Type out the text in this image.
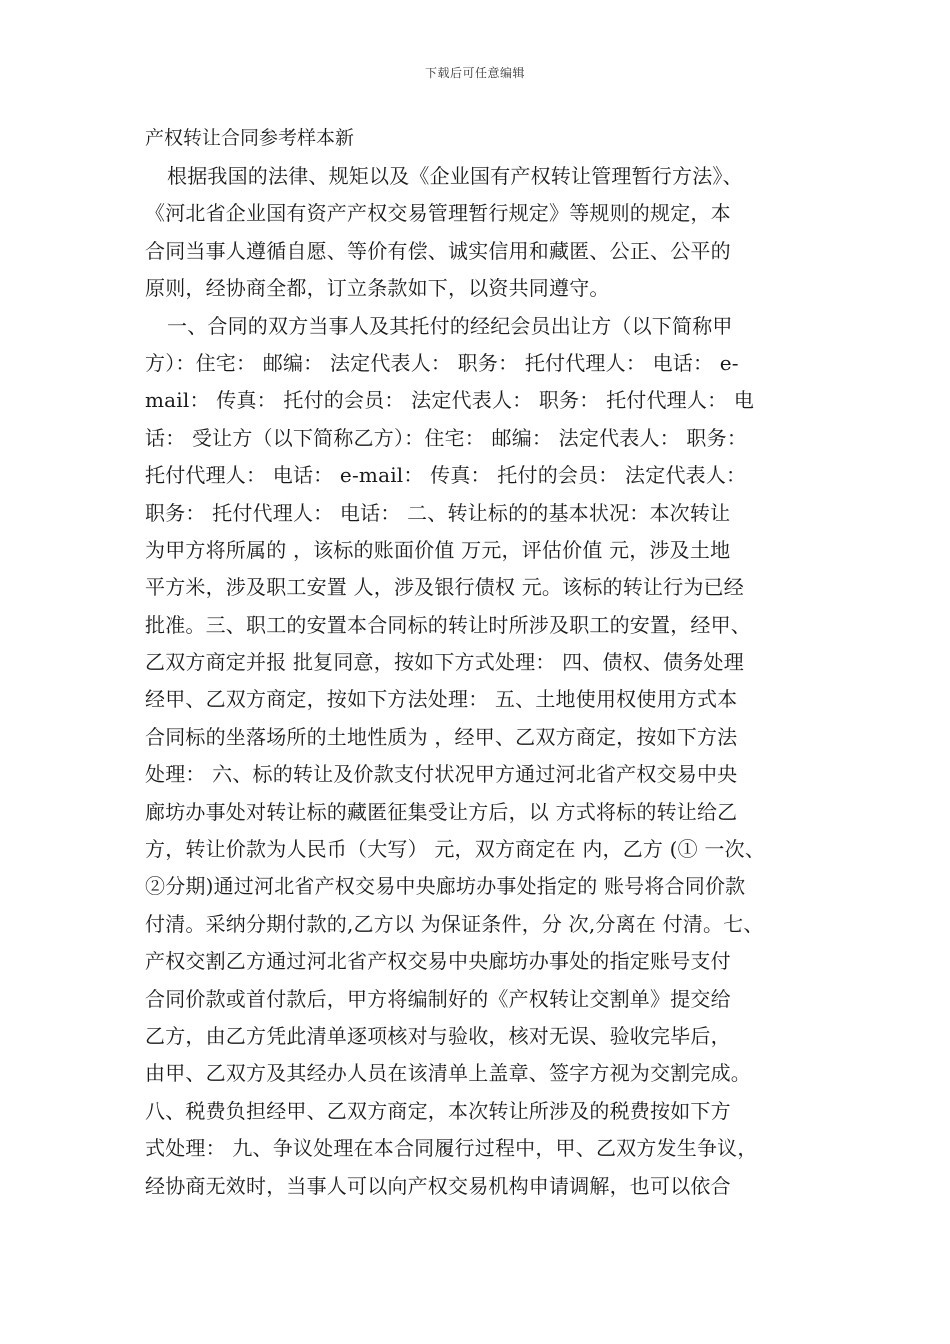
下载后可任意编辑
产权转让合同参考样本新
根据我国的法律、规矩以及《企业国有产权转让管理暂行方法》、
《河北省企业国有资产产权交易管理暂行规定》等规则的规定，本
合同当事人遵循自愿、等价有偿、诚实信用和藏匿、公正、公平的
原则，经协商全都，订立条款如下，以资共同遵守。
一、合同的双方当事人及其托付的经纪会员出让方（以下简称甲
方）：住宅： 邮编： 法定代表人： 职务： 托付代理人： 电话： e-
mail： 传真： 托付的会员： 法定代表人： 职务： 托付代理人： 电
话： 受让方（以下简称乙方）：住宅： 邮编： 法定代表人： 职务：
托付代理人： 电话： e-mail： 传真： 托付的会员： 法定代表人：
职务： 托付代理人： 电话： 二、转让标的的基本状况：本次转让
为甲方将所属的 ，该标的账面价值 万元，评估价值 元，涉及土地
平方米，涉及职工安置 人，涉及银行债权 元。该标的转让行为已经
批准。三、职工的安置本合同标的转让时所涉及职工的安置，经甲、
乙双方商定并报 批复同意，按如下方式处理： 四、债权、债务处理
经甲、乙双方商定，按如下方法处理： 五、土地使用权使用方式本
合同标的坐落场所的土地性质为 ，经甲、乙双方商定，按如下方法
处理： 六、标的转让及价款支付状况甲方通过河北省产权交易中央
廊坊办事处对转让标的藏匿征集受让方后，以 方式将标的转让给乙
方，转让价款为人民币（大写） 元，双方商定在 内，乙方 (① 一次、
②分期)通过河北省产权交易中央廊坊办事处指定的 账号将合同价款
付清。采纳分期付款的,乙方以 为保证条件，分 次,分离在 付清。七、
产权交割乙方通过河北省产权交易中央廊坊办事处的指定账号支付
合同价款或首付款后，甲方将编制好的《产权转让交割单》提交给
乙方，由乙方凭此清单逐项核对与验收，核对无误、验收完毕后，
由甲、乙双方及其经办人员在该清单上盖章、签字方视为交割完成。
八、税费负担经甲、乙双方商定，本次转让所涉及的税费按如下方
式处理： 九、争议处理在本合同履行过程中，甲、乙双方发生争议，
经协商无效时，当事人可以向产权交易机构申请调解，也可以依合
